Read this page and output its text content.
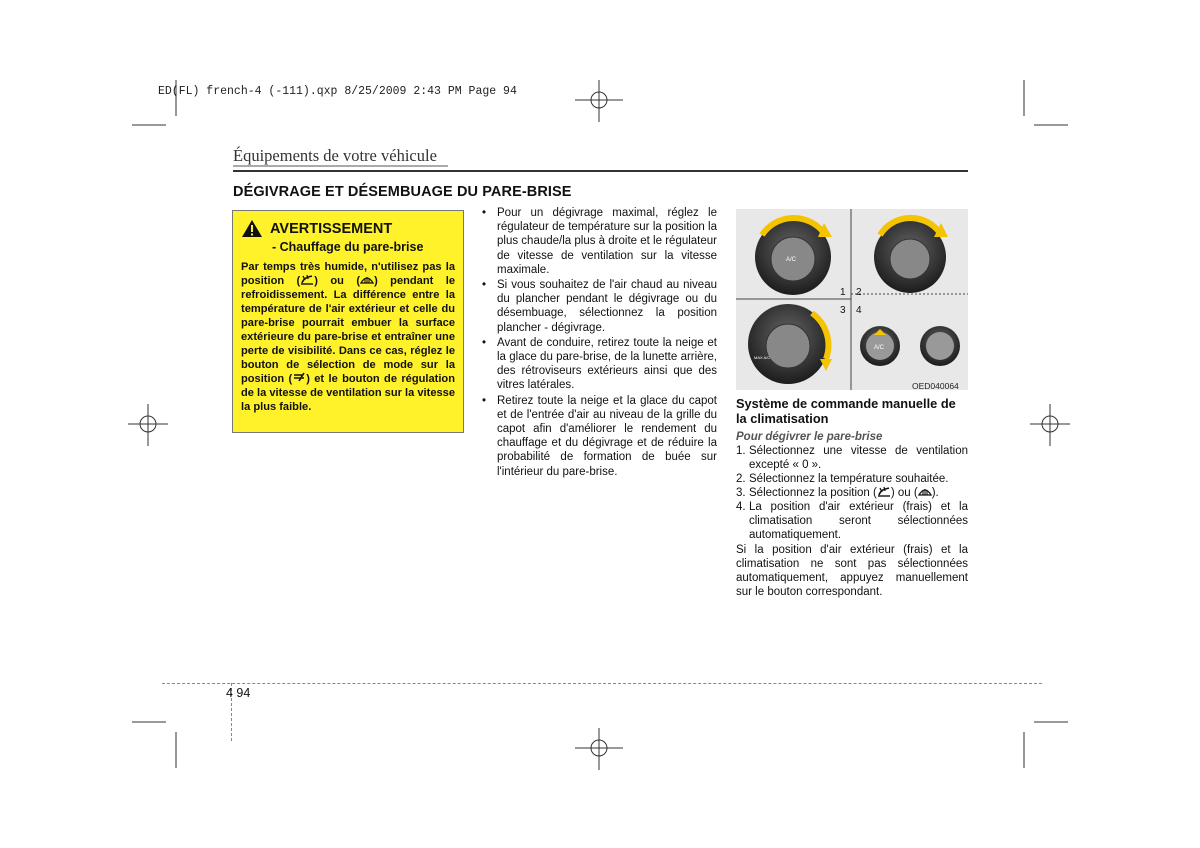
ED(FL) french-4 (-111).qxp 8/25/2009 2:43 PM Page 94
Équipements de votre véhicule
DÉGIVRAGE ET DÉSEMBUAGE DU PARE-BRISE
AVERTISSEMENT
- Chauffage du pare-brise
Par temps très humide, n'utilisez pas la position ( ) ou ( ) pendant le refroidissement. La différence entre la température de l'air extérieur et celle du pare-brise pourrait embuer la surface extérieure du pare-brise et entraîner une perte de visibilité. Dans ce cas, réglez le bouton de sélection de mode sur la position ( ) et le bouton de régulation de la vitesse de ventilation sur la vitesse la plus faible.
• Pour un dégivrage maximal, réglez le régulateur de température sur la position la plus chaude/la plus à droite et le régulateur de vitesse de ventilation sur la vitesse maximale.
• Si vous souhaitez de l'air chaud au niveau du plancher pendant le dégivrage ou du désembuage, sélectionnez la position plancher - dégivrage.
• Avant de conduire, retirez toute la neige et la glace du pare-brise, de la lunette arrière, des rétroviseurs extérieurs ainsi que des vitres latérales.
• Retirez toute la neige et la glace du capot et de l'entrée d'air au niveau de la grille du capot afin d'améliorer le rendement du chauffage et du dégivrage et de réduire la probabilité de formation de buée sur l'intérieur du pare-brise.
A/C
A/C
MAX A/C
1 2
3 4
OED040064
Système de commande manuelle de la climatisation
Pour dégivrer le pare-brise
1. Sélectionnez une vitesse de ventilation excepté « 0 ».
2. Sélectionnez la température souhaitée.
3. Sélectionnez la position ( ) ou ( ).
4. La position d'air extérieur (frais) et la climatisation seront sélectionnées automatiquement.
Si la position d'air extérieur (frais) et la climatisation ne sont pas sélectionnées automatiquement, appuyez manuellement sur le bouton correspondant.
4 94
